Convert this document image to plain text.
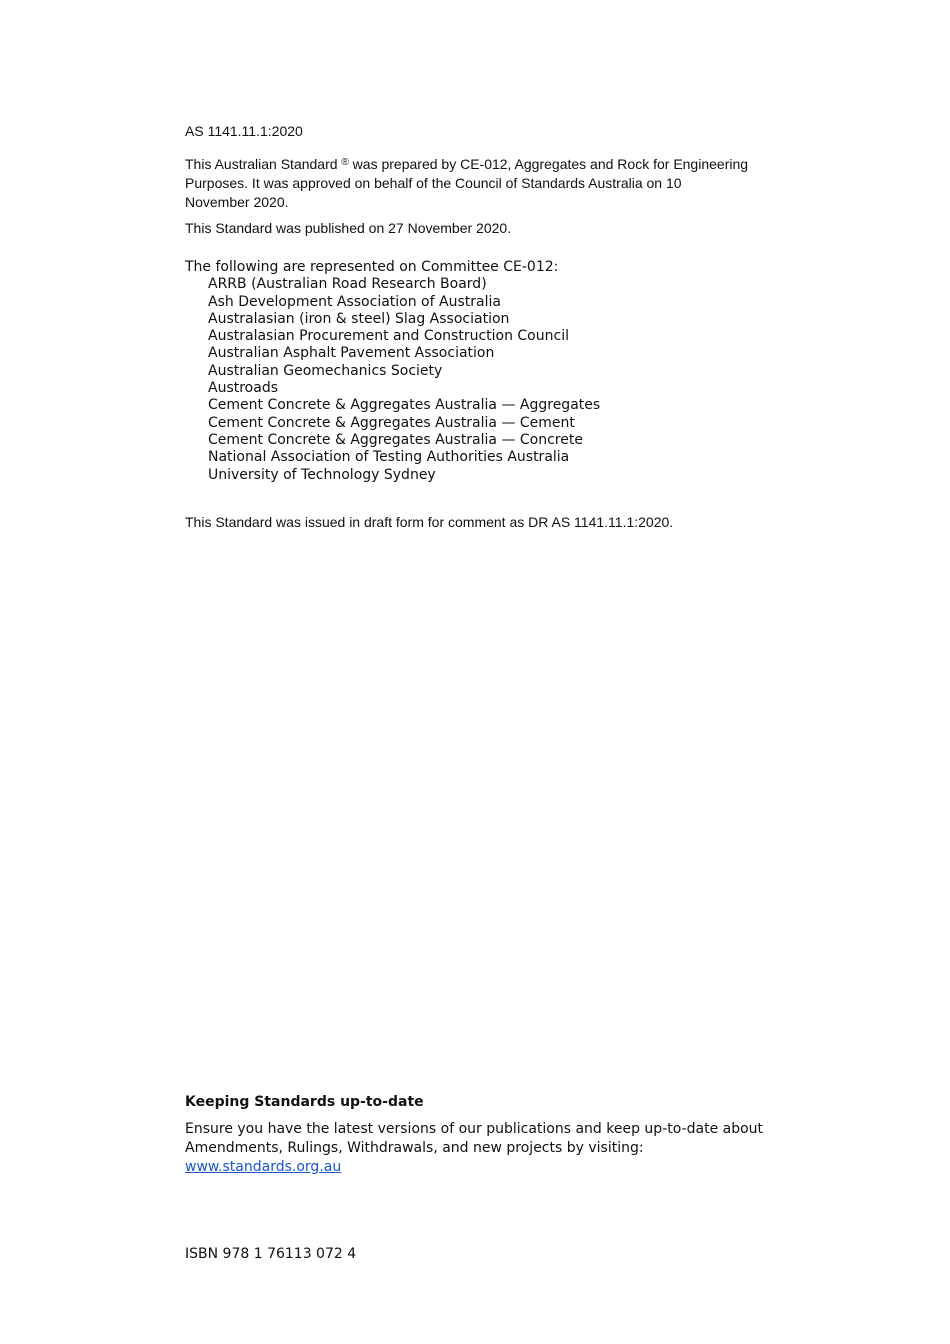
AS 1141.11.1:2020
This Australian Standard ® was prepared by CE-012, Aggregates and Rock for Engineering
Purposes. It was approved on behalf of the Council of Standards Australia on 10
November 2020.
This Standard was published on 27 November 2020.
The following are represented on Committee CE-012:
ARRB (Australian Road Research Board)
Ash Development Association of Australia
Australasian (iron & steel) Slag Association
Australasian Procurement and Construction Council
Australian Asphalt Pavement Association
Australian Geomechanics Society
Austroads
Cement Concrete & Aggregates Australia — Aggregates
Cement Concrete & Aggregates Australia — Cement
Cement Concrete & Aggregates Australia — Concrete
National Association of Testing Authorities Australia
University of Technology Sydney
This Standard was issued in draft form for comment as DR AS 1141.11.1:2020.
Keeping Standards up-to-date
Ensure you have the latest versions of our publications and keep up-to-date about
Amendments, Rulings, Withdrawals, and new projects by visiting:
www.standards.org.au
ISBN 978 1 76113 072 4
